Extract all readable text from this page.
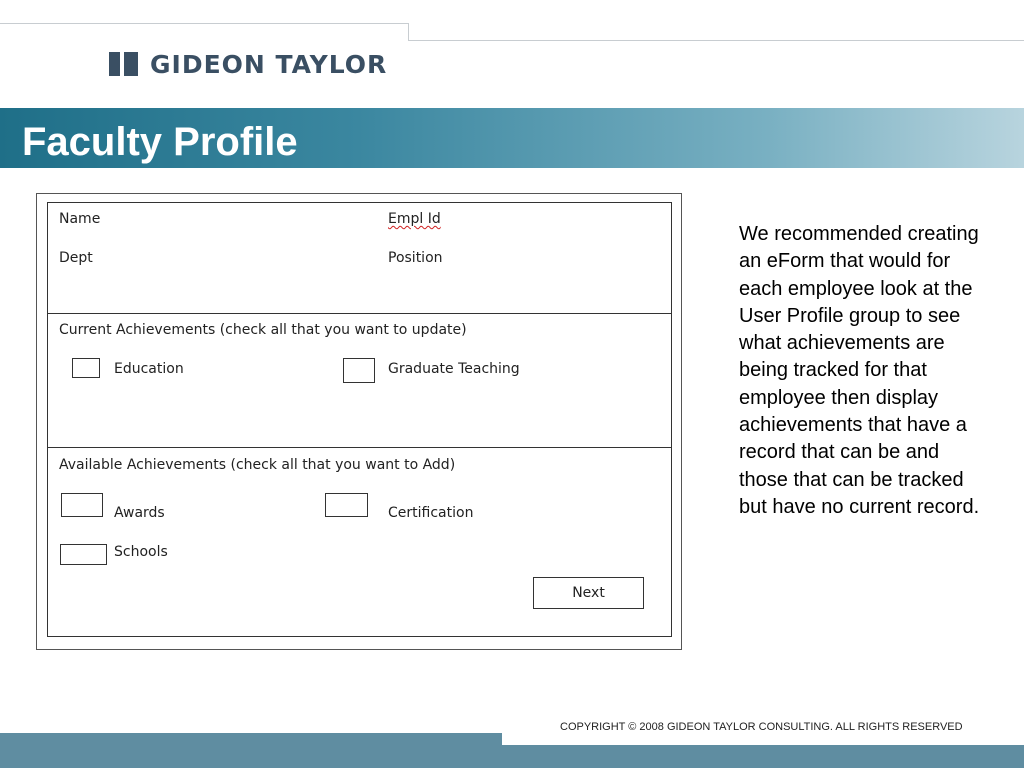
GIDEON TAYLOR
Faculty Profile
Name	Empl Id
Dept	Position
Current Achievements (check all that you want to update)
Education	Graduate Teaching
Available Achievements (check all that you want to Add)
Awards	Certification
Schools
Next
We recommended creating an eForm that would for each employee look at the User Profile group to see what achievements are being tracked for that employee then display achievements that have a record that can be and those that can be tracked but have no current record.
COPYRIGHT © 2008 GIDEON TAYLOR CONSULTING. ALL RIGHTS RESERVED
